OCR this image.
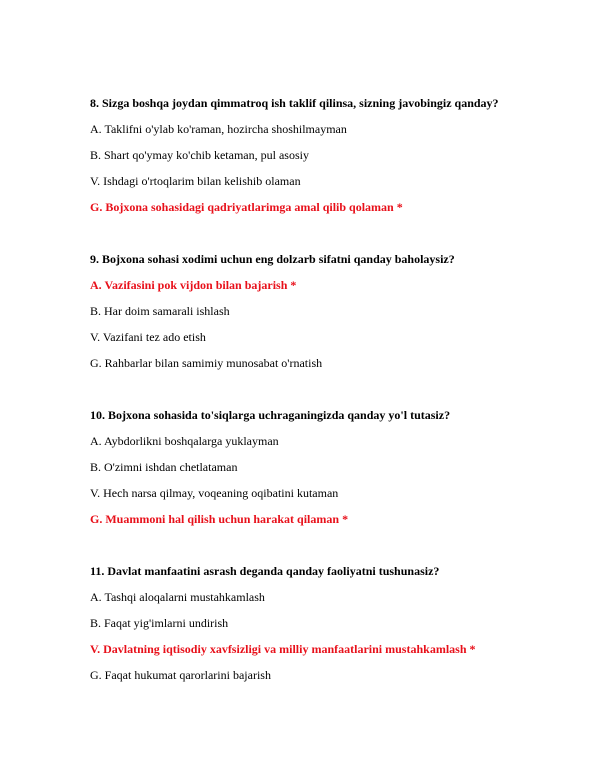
8. Sizga boshqa joydan qimmatroq ish taklif qilinsa, sizning javobingiz qanday?

A. Taklifni o'ylab ko'raman, hozircha shoshilmayman

B. Shart qo'ymay ko'chib ketaman, pul asosiy

V. Ishdagi o'rtoqlarim bilan kelishib olaman

G. Bojxona sohasidagi qadriyatlarimga amal qilib qolaman *

9. Bojxona sohasi xodimi uchun eng dolzarb sifatni qanday baholaysiz?

A. Vazifasini pok vijdon bilan bajarish *

B. Har doim samarali ishlash

V. Vazifani tez ado etish

G. Rahbarlar bilan samimiy munosabat o'rnatish

10. Bojxona sohasida to'siqlarga uchraganingizda qanday yo'l tutasiz?

A. Aybdorlikni boshqalarga yuklayman

B. O'zimni ishdan chetlataman

V. Hech narsa qilmay, voqeaning oqibatini kutaman

G. Muammoni hal qilish uchun harakat qilaman *

11. Davlat manfaatini asrash deganda qanday faoliyatni tushunasiz?

A. Tashqi aloqalarni mustahkamlash

B. Faqat yig'imlarni undirish

V. Davlatning iqtisodiy xavfsizligi va milliy manfaatlarini mustahkamlash *

G. Faqat hukumat qarorlarini bajarish
